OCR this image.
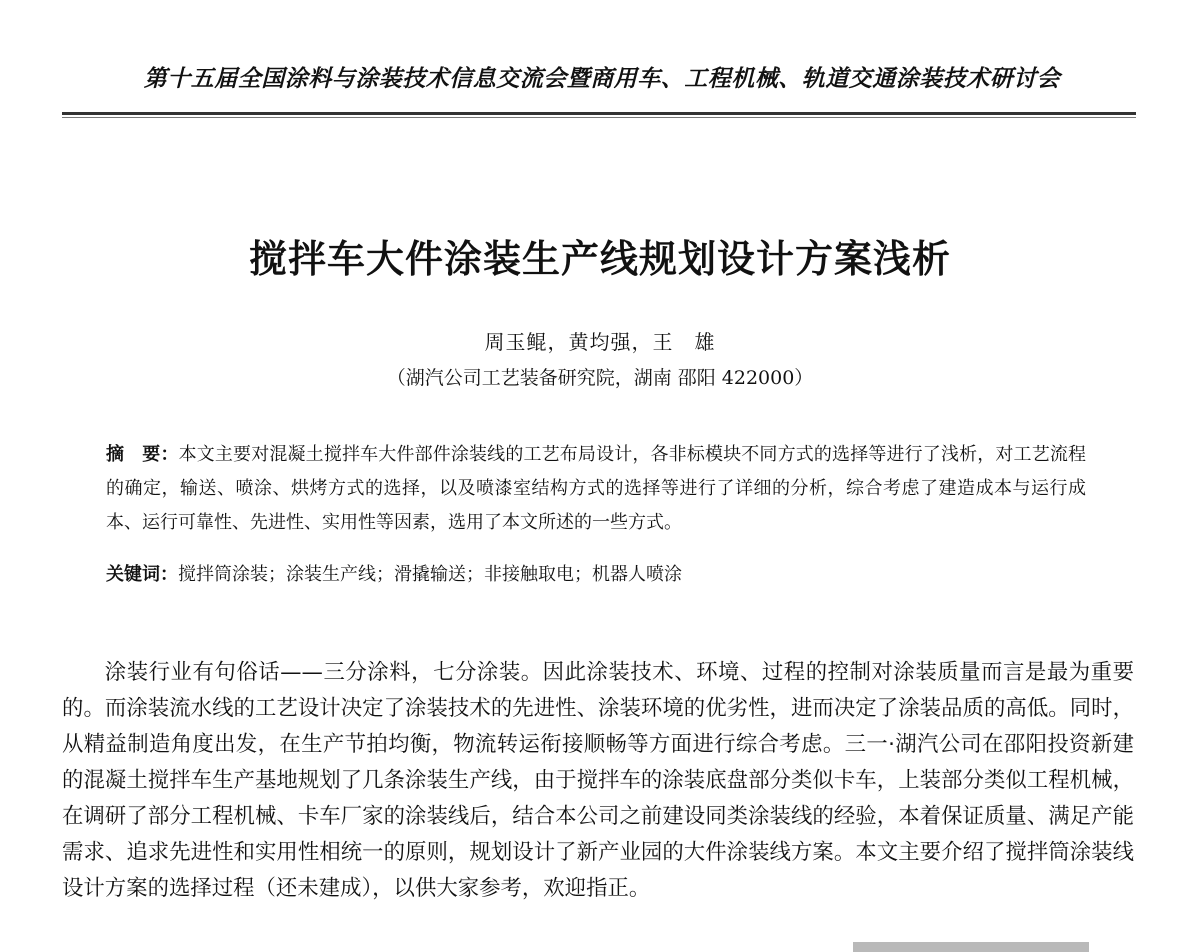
第十五届全国涂料与涂装技术信息交流会暨商用车、工程机械、轨道交通涂装技术研讨会
搅拌车大件涂装生产线规划设计方案浅析
周玉鲲，黄均强，王　雄
（湖汽公司工艺装备研究院，湖南 邵阳 422000）
摘　要：本文主要对混凝土搅拌车大件部件涂装线的工艺布局设计，各非标模块不同方式的选择等进行了浅析，对工艺流程的确定，输送、喷涂、烘烤方式的选择，以及喷漆室结构方式的选择等进行了详细的分析，综合考虑了建造成本与运行成本、运行可靠性、先进性、实用性等因素，选用了本文所述的一些方式。
关键词：搅拌筒涂装；涂装生产线；滑撬输送；非接触取电；机器人喷涂

涂装行业有句俗话——三分涂料，七分涂装。因此涂装技术、环境、过程的控制对涂装质量而言是最为重要的。而涂装流水线的工艺设计决定了涂装技术的先进性、涂装环境的优劣性，进而决定了涂装品质的高低。同时，从精益制造角度出发，在生产节拍均衡，物流转运衔接顺畅等方面进行综合考虑。三一·湖汽公司在邵阳投资新建的混凝土搅拌车生产基地规划了几条涂装生产线，由于搅拌车的涂装底盘部分类似卡车，上装部分类似工程机械，在调研了部分工程机械、卡车厂家的涂装线后，结合本公司之前建设同类涂装线的经验，本着保证质量、满足产能需求、追求先进性和实用性相统一的原则，规划设计了新产业园的大件涂装线方案。本文主要介绍了搅拌筒涂装线设计方案的选择过程（还未建成），以供大家参考，欢迎指正。
